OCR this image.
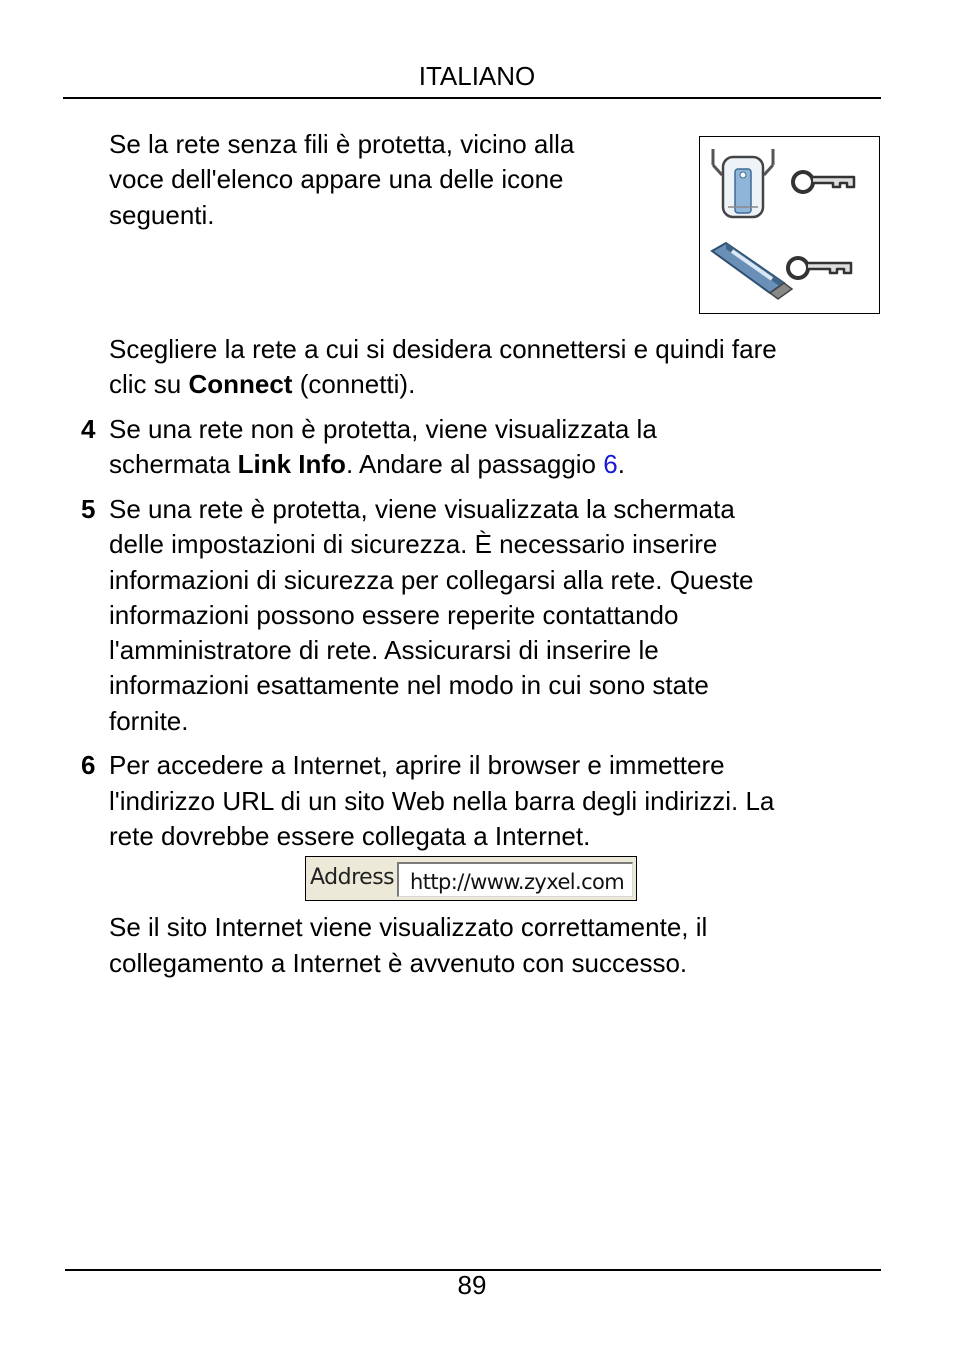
ITALIANO

Se la rete senza fili è protetta, vicino alla

voce dell'elenco appare una delle icone

seguenti.

Scegliere la rete a cui si desidera connettersi e quindi fare

clic su Connect (connetti).

4 Se una rete non è protetta, viene visualizzata la

schermata Link Info. Andare al passaggio 6.

5 Se una rete è protetta, viene visualizzata la schermata

delle impostazioni di sicurezza. È necessario inserire

informazioni di sicurezza per collegarsi alla rete. Queste

informazioni possono essere reperite contattando

l'amministratore di rete. Assicurarsi di inserire le

informazioni esattamente nel modo in cui sono state

fornite.

6 Per accedere a Internet, aprire il browser e immettere

l'indirizzo URL di un sito Web nella barra degli indirizzi. La

rete dovrebbe essere collegata a Internet.

Address http://www.zyxel.com

Se il sito Internet viene visualizzato correttamente, il

collegamento a Internet è avvenuto con successo.

89
